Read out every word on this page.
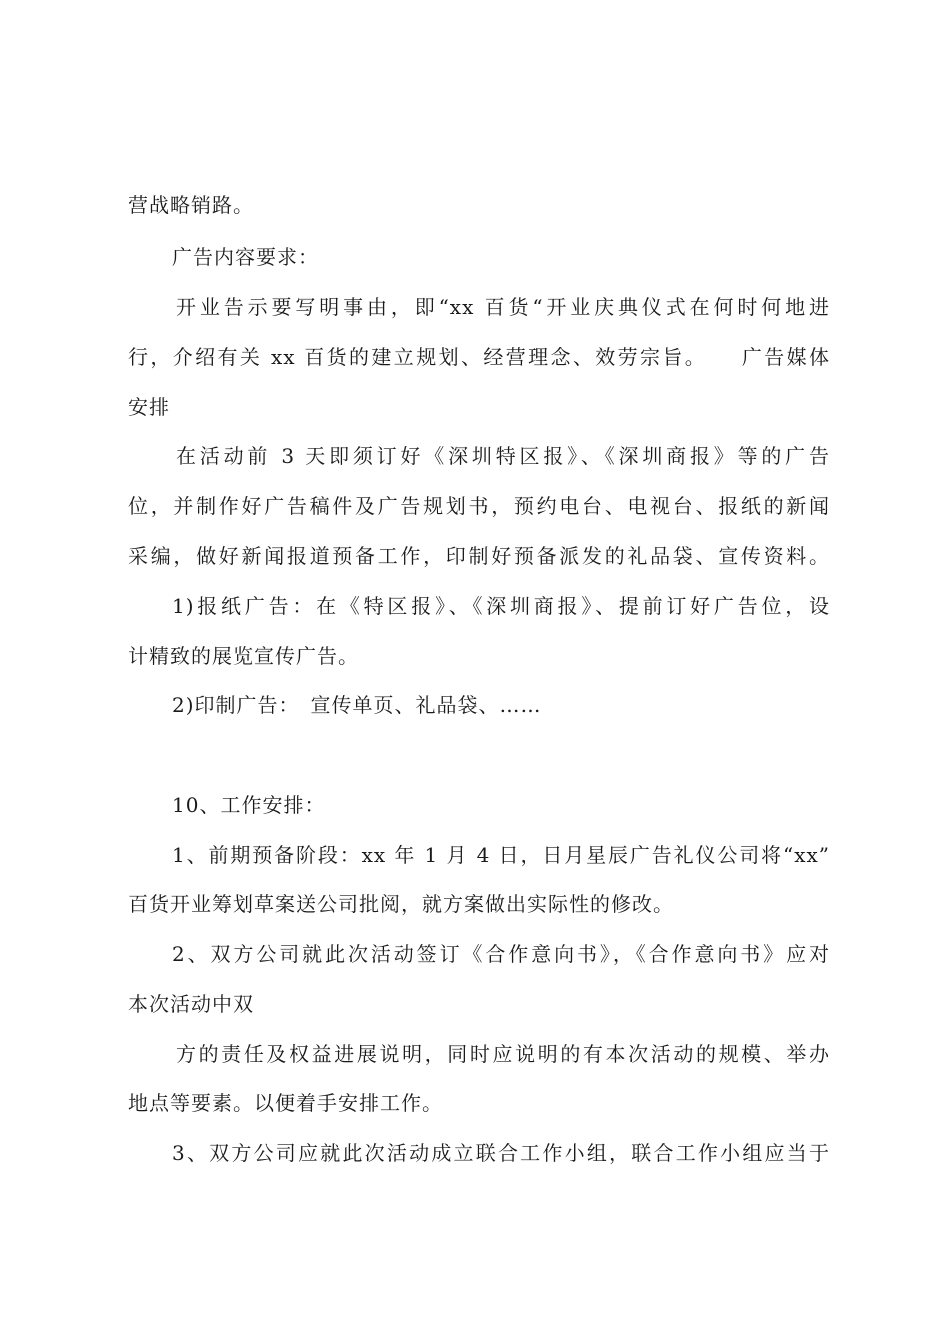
营战略销路。
广告内容要求：
开业告示要写明事由，即“xx 百货“开业庆典仪式在何时何地进
行，介绍有关 xx 百货的建立规划、经营理念、效劳宗旨。　　广告媒体
安排
在活动前 3 天即须订好《深圳特区报》、《深圳商报》等的广告
位，并制作好广告稿件及广告规划书，预约电台、电视台、报纸的新闻
采编，做好新闻报道预备工作，印制好预备派发的礼品袋、宣传资料。
1)报纸广告：在《特区报》、《深圳商报》、提前订好广告位，设
计精致的展览宣传广告。
2)印制广告：　宣传单页、礼品袋、……
10、工作安排：
1、前期预备阶段：xx 年 1 月 4 日，日月星辰广告礼仪公司将“xx”
百货开业筹划草案送公司批阅，就方案做出实际性的修改。
2、双方公司就此次活动签订《合作意向书》，《合作意向书》应对
本次活动中双
方的责任及权益进展说明，同时应说明的有本次活动的规模、举办
地点等要素。以便着手安排工作。
3、双方公司应就此次活动成立联合工作小组，联合工作小组应当于
